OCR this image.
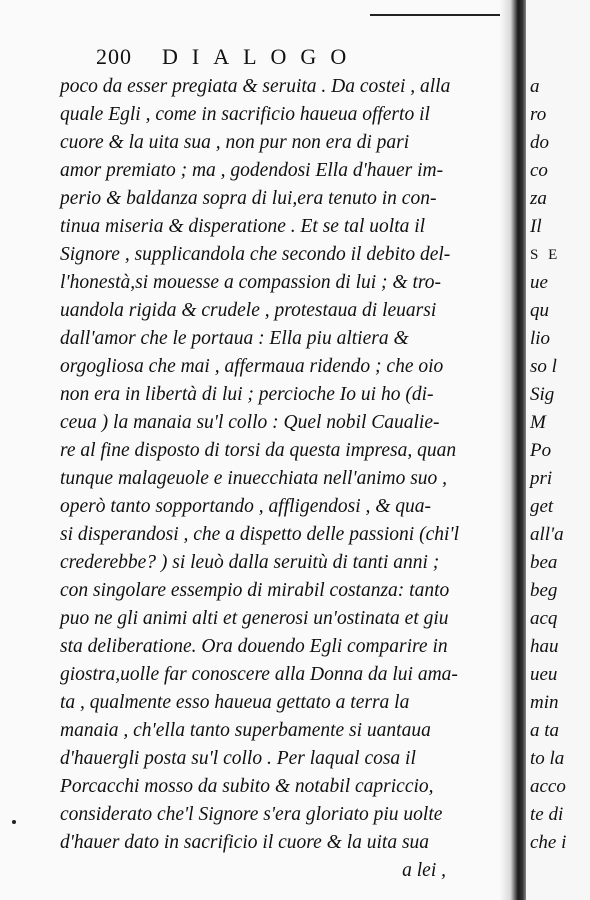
200 DIALOGO
poco da esser pregiata & seruita . Da costei , alla
quale Egli , come in sacrificio haueua offerto il
cuore & la uita sua , non pur non era di pari
amor premiato ; ma , godendosi Ella d'hauer im-
perio & baldanza sopra di lui,era tenuto in con-
tinua miseria & disperatione . Et se tal uolta il
Signore , supplicandola che secondo il debito del-
l'honestà,si mouesse a compassion di lui ; & tro-
uandola rigida & crudele , protestaua di leuarsi
dall'amor che le portaua : Ella piu altiera &
orgogliosa che mai , affermaua ridendo ; che oio
non era in libertà di lui ; percioche Io ui ho (di-
ceua ) la manaia su'l collo : Quel nobil Caualie-
re al fine disposto di torsi da questa impresa, quan
tunque malageuole e inuecchiata nell'animo suo ,
operò tanto sopportando , affligendosi , & qua-
si disperandosi , che a dispetto delle passioni (chi'l
crederebbe? ) si leuò dalla seruitù di tanti anni ;
con singolare essempio di mirabil costanza: tanto
puo ne gli animi alti et generosi un'ostinata et giu
sta deliberatione. Ora douendo Egli comparire in
giostra,uolle far conoscere alla Donna da lui ama-
ta , qualmente esso haueua gettato a terra la
manaia , ch'ella tanto superbamente si uantaua
d'hauergli posta su'l collo . Per laqual cosa il
Porcacchi mosso da subito & notabil capriccio,
considerato che'l Signore s'era gloriato piu uolte
d'hauer dato in sacrificio il cuore & la uita sua
a lei ,
a
ro
do
co
za
Il
S E
ue
qu
lio
so l
Sig
M
Po
pri
get
all'a
bea
beg
acq
hau
ueu
min
a ta
to la
acco
te di
che i
